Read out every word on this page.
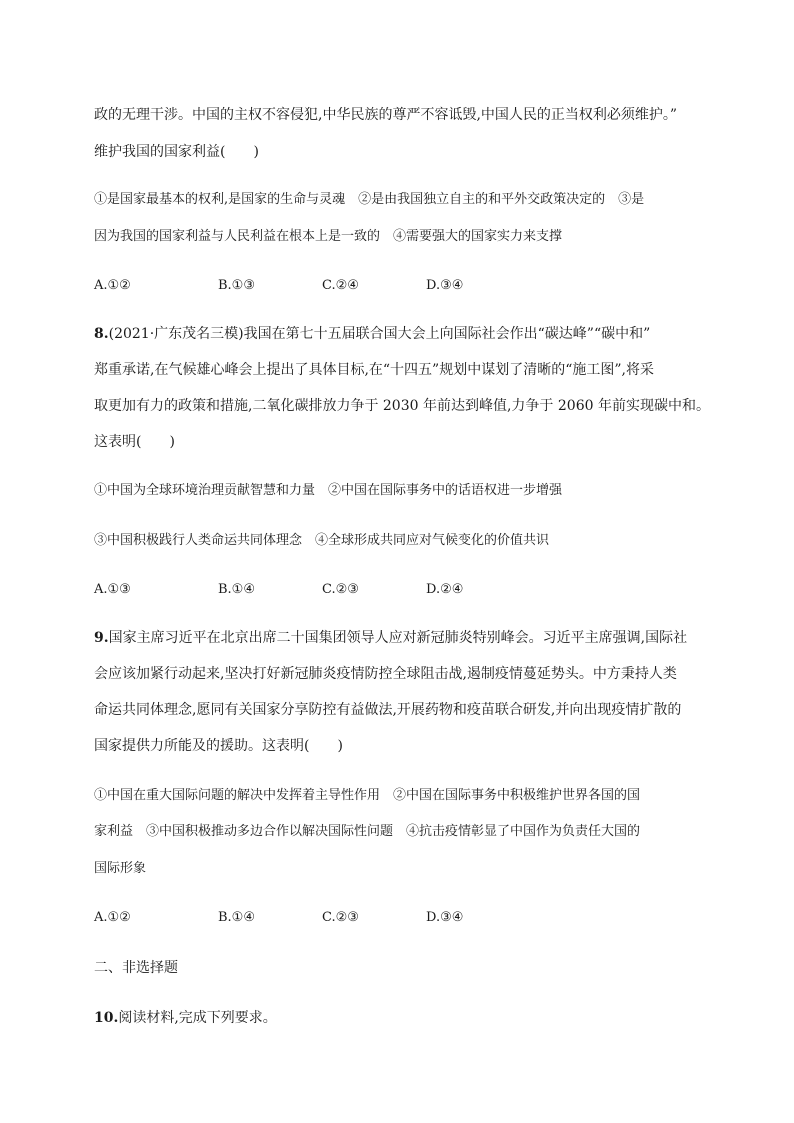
政的无理干涉。中国的主权不容侵犯,中华民族的尊严不容诋毁,中国人民的正当权利必须维护。”

维护我国的国家利益(　　)

①是国家最基本的权利,是国家的生命与灵魂　②是由我国独立自主的和平外交政策决定的　③是

因为我国的国家利益与人民利益在根本上是一致的　④需要强大的国家实力来支撑

A.①②	B.①③	C.②④	D.③④

8.(2021·广东茂名三模)我国在第七十五届联合国大会上向国际社会作出“碳达峰”“碳中和”

郑重承诺,在气候雄心峰会上提出了具体目标,在“十四五”规划中谋划了清晰的“施工图”,将采

取更加有力的政策和措施,二氧化碳排放力争于 2030 年前达到峰值,力争于 2060 年前实现碳中和。

这表明(　　)

①中国为全球环境治理贡献智慧和力量　②中国在国际事务中的话语权进一步增强

③中国积极践行人类命运共同体理念　④全球形成共同应对气候变化的价值共识

A.①③	B.①④	C.②③	D.②④

9.国家主席习近平在北京出席二十国集团领导人应对新冠肺炎特别峰会。习近平主席强调,国际社

会应该加紧行动起来,坚决打好新冠肺炎疫情防控全球阻击战,遏制疫情蔓延势头。中方秉持人类

命运共同体理念,愿同有关国家分享防控有益做法,开展药物和疫苗联合研发,并向出现疫情扩散的

国家提供力所能及的援助。这表明(　　)

①中国在重大国际问题的解决中发挥着主导性作用　②中国在国际事务中积极维护世界各国的国

家利益　③中国积极推动多边合作以解决国际性问题　④抗击疫情彰显了中国作为负责任大国的

国际形象

A.①②	B.①④	C.②③	D.③④

二、非选择题

10.阅读材料,完成下列要求。
